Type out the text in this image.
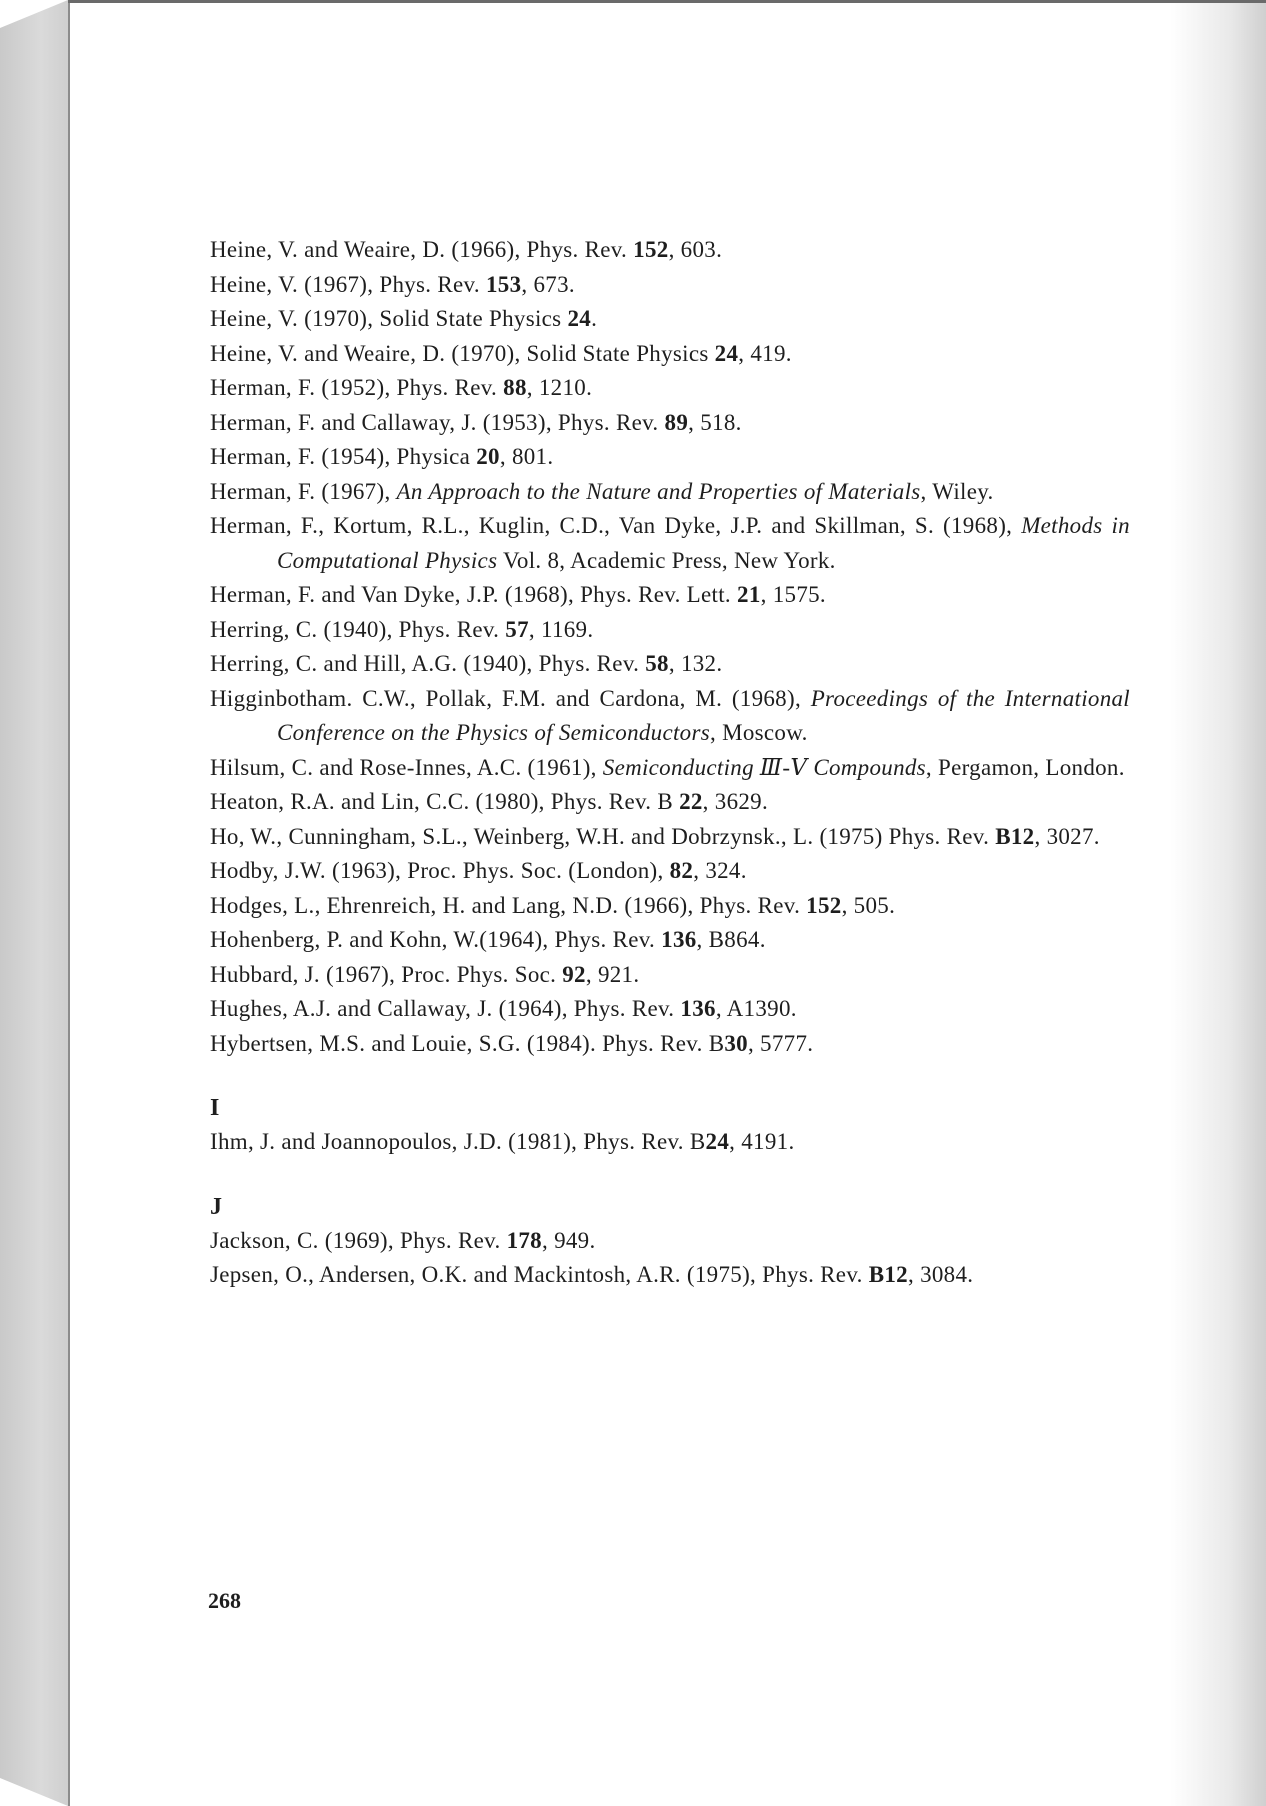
Heine, V. and Weaire, D. (1966), Phys. Rev. 152, 603.
Heine, V. (1967), Phys. Rev. 153, 673.
Heine, V. (1970), Solid State Physics 24.
Heine, V. and Weaire, D. (1970), Solid State Physics 24, 419.
Herman, F. (1952), Phys. Rev. 88, 1210.
Herman, F. and Callaway, J. (1953), Phys. Rev. 89, 518.
Herman, F. (1954), Physica 20, 801.
Herman, F. (1967), An Approach to the Nature and Properties of Materials, Wiley.
Herman, F., Kortum, R.L., Kuglin, C.D., Van Dyke, J.P. and Skillman, S. (1968), Methods in Computational Physics Vol. 8, Academic Press, New York.
Herman, F. and Van Dyke, J.P. (1968), Phys. Rev. Lett. 21, 1575.
Herring, C. (1940), Phys. Rev. 57, 1169.
Herring, C. and Hill, A.G. (1940), Phys. Rev. 58, 132.
Higginbotham. C.W., Pollak, F.M. and Cardona, M. (1968), Proceedings of the International Conference on the Physics of Semiconductors, Moscow.
Hilsum, C. and Rose-Innes, A.C. (1961), Semiconducting Ⅲ-Ⅴ Compounds, Pergamon, London.
Heaton, R.A. and Lin, C.C. (1980), Phys. Rev. B 22, 3629.
Ho, W., Cunningham, S.L., Weinberg, W.H. and Dobrzynsk., L. (1975) Phys. Rev. B12, 3027.
Hodby, J.W. (1963), Proc. Phys. Soc. (London), 82, 324.
Hodges, L., Ehrenreich, H. and Lang, N.D. (1966), Phys. Rev. 152, 505.
Hohenberg, P. and Kohn, W.(1964), Phys. Rev. 136, B864.
Hubbard, J. (1967), Proc. Phys. Soc. 92, 921.
Hughes, A.J. and Callaway, J. (1964), Phys. Rev. 136, A1390.
Hybertsen, M.S. and Louie, S.G. (1984). Phys. Rev. B30, 5777.
I
Ihm, J. and Joannopoulos, J.D. (1981), Phys. Rev. B24, 4191.
J
Jackson, C. (1969), Phys. Rev. 178, 949.
Jepsen, O., Andersen, O.K. and Mackintosh, A.R. (1975), Phys. Rev. B12, 3084.
268
